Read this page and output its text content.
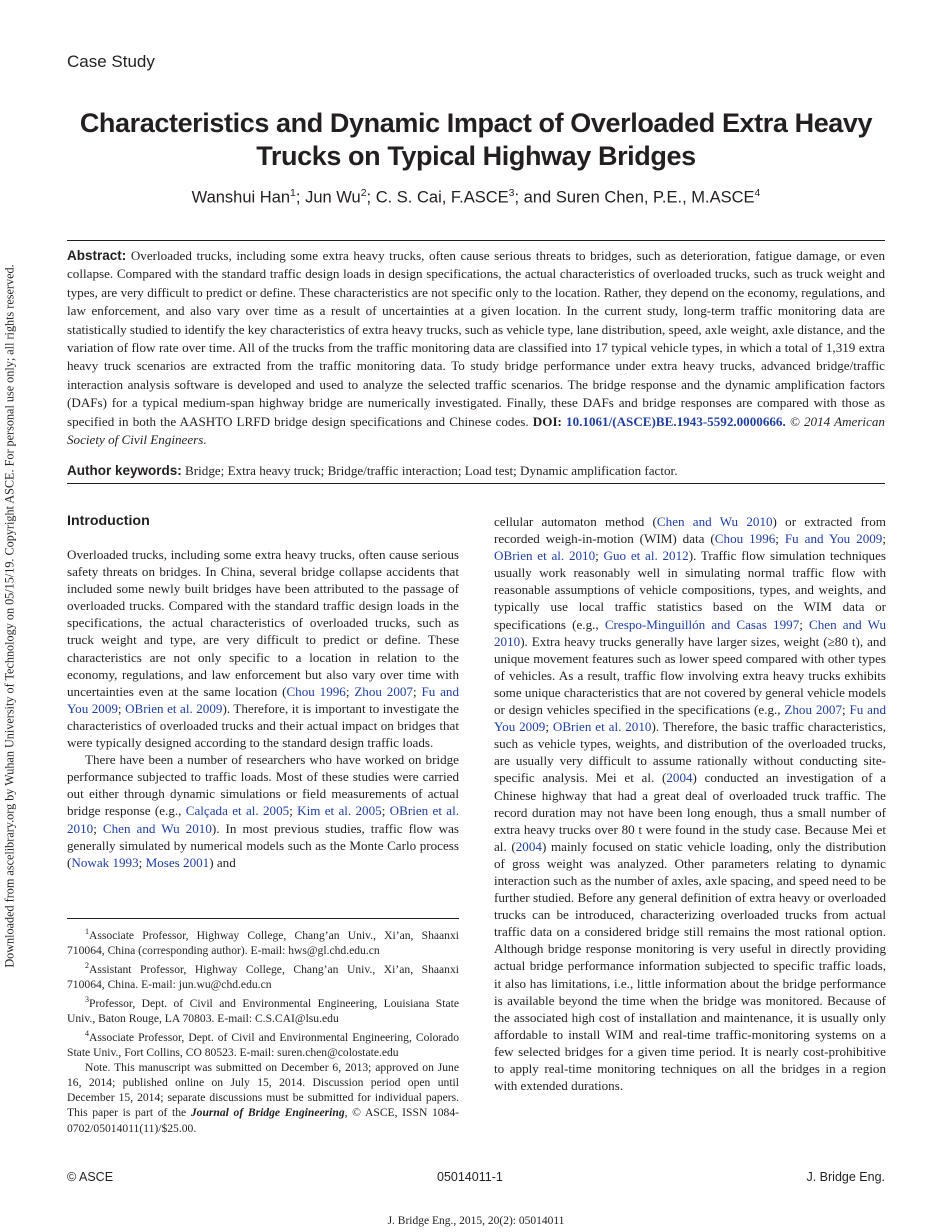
Downloaded from ascelibrary.org by Wuhan University of Technology on 05/15/19. Copyright ASCE. For personal use only; all rights reserved.
Case Study
Characteristics and Dynamic Impact of Overloaded Extra Heavy Trucks on Typical Highway Bridges
Wanshui Han$^1$; Jun Wu$^2$; C. S. Cai, F.ASCE$^3$; and Suren Chen, P.E., M.ASCE$^4$
Abstract: Overloaded trucks, including some extra heavy trucks, often cause serious threats to bridges, such as deterioration, fatigue damage, or even collapse. Compared with the standard traffic design loads in design specifications, the actual characteristics of overloaded trucks, such as truck weight and types, are very difficult to predict or define. These characteristics are not specific only to the location. Rather, they depend on the economy, regulations, and law enforcement, and also vary over time as a result of uncertainties at a given location. In the current study, long-term traffic monitoring data are statistically studied to identify the key characteristics of extra heavy trucks, such as vehicle type, lane distribution, speed, axle weight, axle distance, and the variation of flow rate over time. All of the trucks from the traffic monitoring data are classified into 17 typical vehicle types, in which a total of 1,319 extra heavy truck scenarios are extracted from the traffic monitoring data. To study bridge performance under extra heavy trucks, advanced bridge/traffic interaction analysis software is developed and used to analyze the selected traffic scenarios. The bridge response and the dynamic amplification factors (DAFs) for a typical medium-span highway bridge are numerically investigated. Finally, these DAFs and bridge responses are compared with those as specified in both the AASHTO LRFD bridge design specifications and Chinese codes. DOI: 10.1061/(ASCE)BE.1943-5592.0000666. © 2014 American Society of Civil Engineers.
Author keywords: Bridge; Extra heavy truck; Bridge/traffic interaction; Load test; Dynamic amplification factor.
Introduction

Overloaded trucks, including some extra heavy trucks, often cause serious safety threats on bridges. In China, several bridge collapse accidents that included some newly built bridges have been attributed to the passage of overloaded trucks. Compared with the standard traffic design loads in the specifications, the actual characteristics of overloaded trucks, such as truck weight and type, are very difficult to predict or define. These characteristics are not only specific to a location in relation to the economy, regulations, and law enforcement but also vary over time with uncertainties even at the same location (Chou 1996; Zhou 2007; Fu and You 2009; OBrien et al. 2009). Therefore, it is important to investigate the characteristics of overloaded trucks and their actual impact on bridges that were typically designed according to the standard design traffic loads.

There have been a number of researchers who have worked on bridge performance subjected to traffic loads. Most of these studies were carried out either through dynamic simulations or field measurements of actual bridge response (e.g., Calçada et al. 2005; Kim et al. 2005; OBrien et al. 2010; Chen and Wu 2010). In most previous studies, traffic flow was generally simulated by numerical models such as the Monte Carlo process (Nowak 1993; Moses 2001) and

cellular automaton method (Chen and Wu 2010) or extracted from recorded weigh-in-motion (WIM) data (Chou 1996; Fu and You 2009; OBrien et al. 2010; Guo et al. 2012). Traffic flow simulation techniques usually work reasonably well in simulating normal traffic flow with reasonable assumptions of vehicle compositions, types, and weights, and typically use local traffic statistics based on the WIM data or specifications (e.g., Crespo-Minguillón and Casas 1997; Chen and Wu 2010). Extra heavy trucks generally have larger sizes, weight (≥80 t), and unique movement features such as lower speed compared with other types of vehicles. As a result, traffic flow involving extra heavy trucks exhibits some unique characteristics that are not covered by general vehicle models or design vehicles specified in the specifications (e.g., Zhou 2007; Fu and You 2009; OBrien et al. 2010). Therefore, the basic traffic characteristics, such as vehicle types, weights, and distribution of the overloaded trucks, are usually very difficult to assume rationally without conducting site-specific analysis. Mei et al. (2004) conducted an investigation of a Chinese highway that had a great deal of overloaded truck traffic. The record duration may not have been long enough, thus a small number of extra heavy trucks over 80 t were found in the study case. Because Mei et al. (2004) mainly focused on static vehicle loading, only the distribution of gross weight was analyzed. Other parameters relating to dynamic interaction such as the number of axles, axle spacing, and speed need to be further studied. Before any general definition of extra heavy or overloaded trucks can be introduced, characterizing overloaded trucks from actual traffic data on a considered bridge still remains the most rational option. Although bridge response monitoring is very useful in directly providing actual bridge performance information subjected to specific traffic loads, it also has limitations, i.e., little information about the bridge performance is available beyond the time when the bridge was monitored. Because of the associated high cost of installation and maintenance, it is usually only affordable to install WIM and real-time traffic-monitoring systems on a few selected bridges for a given time period. It is nearly cost-prohibitive to apply real-time monitoring techniques on all the bridges in a region with extended durations.

$^1$Associate Professor, Highway College, Chang’an Univ., Xi’an, Shaanxi 710064, China (corresponding author). E-mail: hws@gl.chd.edu.cn

$^2$Assistant Professor, Highway College, Chang’an Univ., Xi’an, Shaanxi 710064, China. E-mail: jun.wu@chd.edu.cn

$^3$Professor, Dept. of Civil and Environmental Engineering, Louisiana State Univ., Baton Rouge, LA 70803. E-mail: C.S.CAI@lsu.edu

$^4$Associate Professor, Dept. of Civil and Environmental Engineering, Colorado State Univ., Fort Collins, CO 80523. E-mail: suren.chen@colostate.edu

Note. This manuscript was submitted on December 6, 2013; approved on June 16, 2014; published online on July 15, 2014. Discussion period open until December 15, 2014; separate discussions must be submitted for individual papers. This paper is part of the Journal of Bridge Engineering, © ASCE, ISSN 1084-0702/05014011(11)/$25.00.

© ASCE	05014011-1	J. Bridge Eng.
J. Bridge Eng., 2015, 20(2): 05014011
